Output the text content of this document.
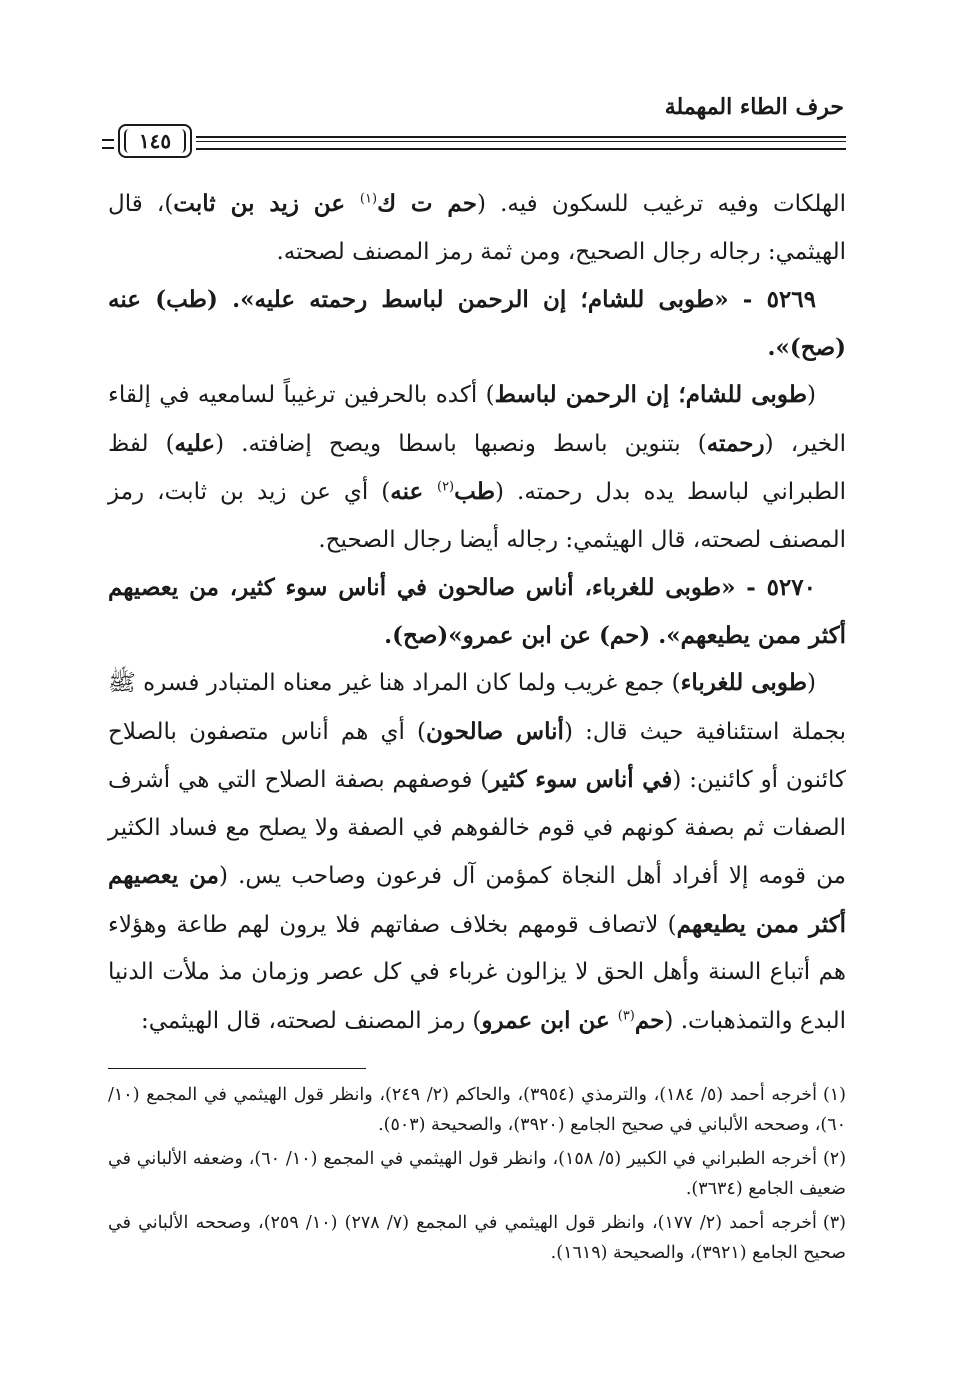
حرف الطاء المهملة
١٤٥

الهلكات وفيه ترغيب للسكون فيه. (حم ت ك$^{(١)}$ عن زيد بن ثابت)، قال الهيثمي: رجاله رجال الصحيح، ومن ثمة رمز المصنف لصحته.

٥٢٦٩ - «طوبى للشام؛ إن الرحمن لباسط رحمته عليه». (طب) عنه (صح)».

(طوبى للشام؛ إن الرحمن لباسط) أكده بالحرفين ترغيباً لسامعيه في إلقاء الخير، (رحمته) بتنوين باسط ونصبها باسطا ويصح إضافته. (عليه) لفظ الطبراني لباسط يده بدل رحمته. (طب$^{(٢)}$ عنه) أي عن زيد بن ثابت، رمز المصنف لصحته، قال الهيثمي: رجاله أيضا رجال الصحيح.

٥٢٧٠ - «طوبى للغرباء، أناس صالحون في أناس سوء كثير، من يعصيهم أكثر ممن يطيعهم». (حم) عن ابن عمرو»(صح).

(طوبى للغرباء) جمع غريب ولما كان المراد هنا غير معناه المتبادر فسره ﷺ بجملة استئنافية حيث قال: (أناس صالحون) أي هم أناس متصفون بالصلاح كائنون أو كائنين: (في أناس سوء كثير) فوصفهم بصفة الصلاح التي هي أشرف الصفات ثم بصفة كونهم في قوم خالفوهم في الصفة ولا يصلح مع فساد الكثير من قومه إلا أفراد أهل النجاة كمؤمن آل فرعون وصاحب يس. (من يعصيهم أكثر ممن يطيعهم) لاتصاف قومهم بخلاف صفاتهم فلا يرون لهم طاعة وهؤلاء هم أتباع السنة وأهل الحق لا يزالون غرباء في كل عصر وزمان مذ ملأت الدنيا البدع والتمذهبات. (حم$^{(٣)}$ عن ابن عمرو) رمز المصنف لصحته، قال الهيثمي:

(١)أخرجه أحمد (٥/ ١٨٤)، والترمذي (٣٩٥٤)، والحاكم (٢/ ٢٤٩)، وانظر قول الهيثمي في المجمع (١٠/ ٦٠)، وصححه الألباني في صحيح الجامع (٣٩٢٠)، والصحيحة (٥٠٣).

(٢)أخرجه الطبراني في الكبير (٥/ ١٥٨)، وانظر قول الهيثمي في المجمع (١٠/ ٦٠)، وضعفه الألباني في ضعيف الجامع (٣٦٣٤).

(٣)أخرجه أحمد (٢/ ١٧٧)، وانظر قول الهيثمي في المجمع (٧/ ٢٧٨) (١٠/ ٢٥٩)، وصححه الألباني في صحيح الجامع (٣٩٢١)، والصحيحة (١٦١٩).
